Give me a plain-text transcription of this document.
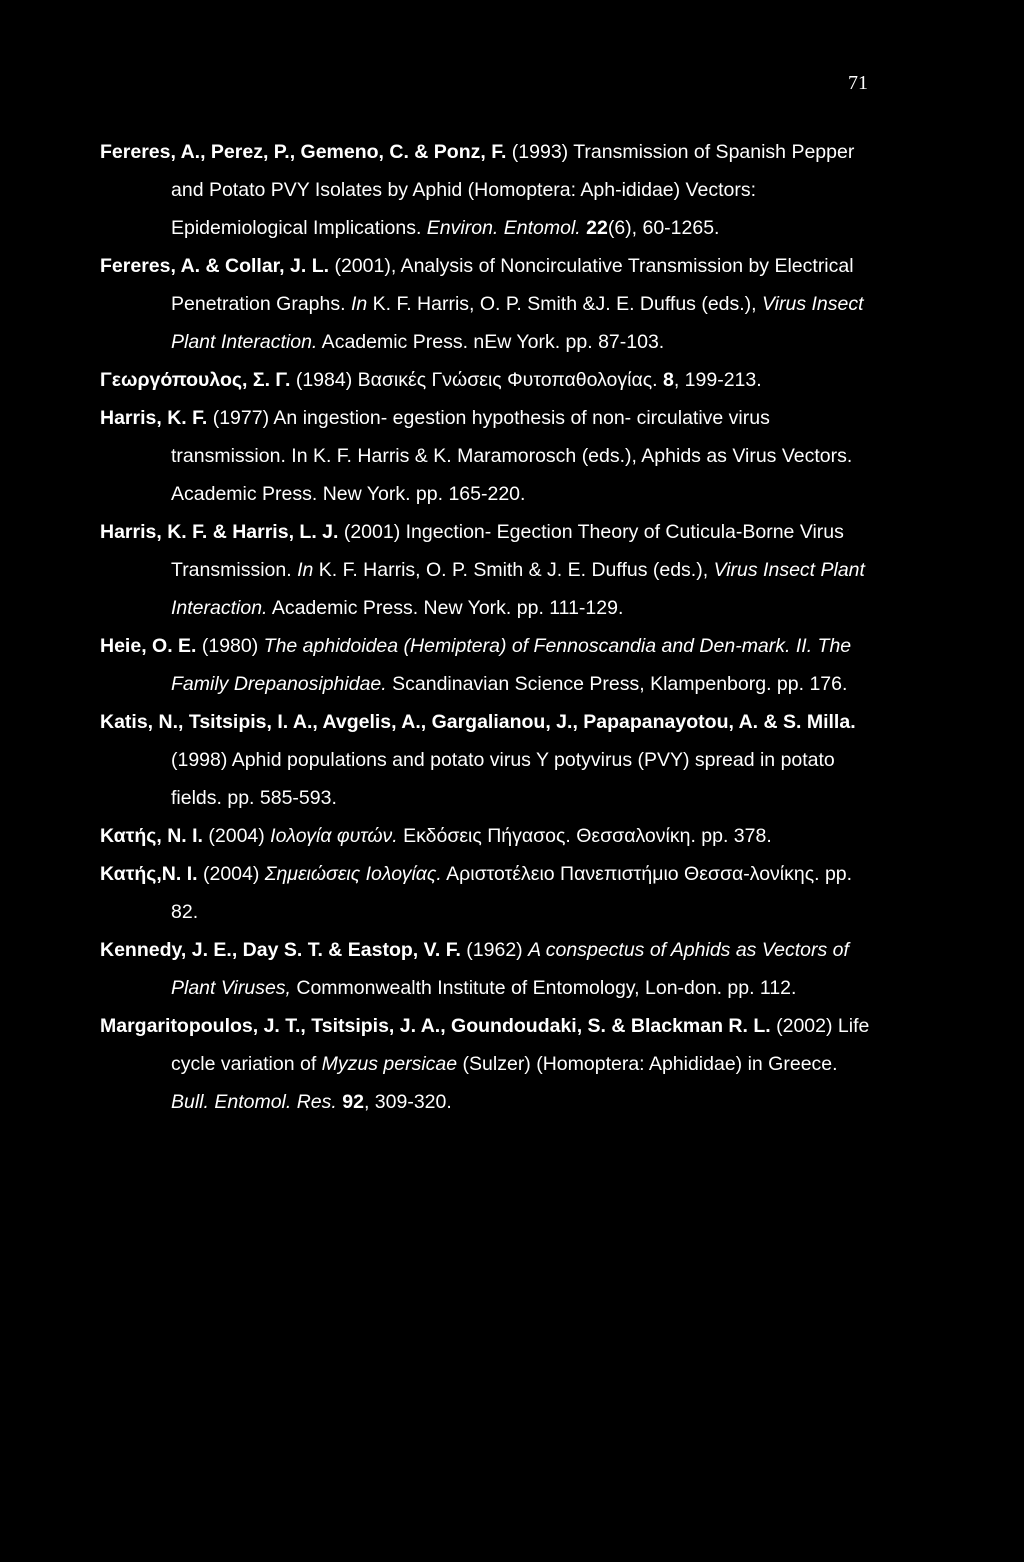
71
Fereres, A., Perez, P., Gemeno, C. & Ponz, F. (1993) Transmission of Spanish Pepper and Potato PVY Isolates by Aphid (Homoptera: Aph-ididae) Vectors: Epidemiological Implications. Environ. Entomol. 22(6), 60-1265.
Fereres, A. & Collar, J. L. (2001), Analysis of Noncirculative Transmission by Electrical Penetration Graphs. In K. F. Harris, O. P. Smith &J. E. Duffus (eds.), Virus Insect Plant Interaction. Academic Press. nEw York. pp. 87-103.
Γεωργόπουλος, Σ. Γ. (1984) Βασικές Γνώσεις Φυτοπαθολογίας. 8, 199-213.
Harris, K. F. (1977) An ingestion- egestion hypothesis of non- circulative virus transmission. In K. F. Harris & K. Maramorosch (eds.), Aphids as Virus Vectors. Academic Press. New York. pp. 165-220.
Harris, K. F. & Harris, L. J. (2001) Ingection- Egection Theory of Cuticula-Borne Virus Transmission. In K. F. Harris, O. P. Smith & J. E. Duffus (eds.), Virus Insect Plant Interaction. Academic Press. New York. pp. 111-129.
Heie, O. E. (1980) The aphidoidea (Hemiptera) of Fennoscandia and Den-mark. II. The Family Drepanosiphidae. Scandinavian Science Press, Klampenborg. pp. 176.
Katis, N., Tsitsipis, I. A., Avgelis, A., Gargalianou, J., Papapanayotou, A. & S. Milla. (1998) Aphid populations and potato virus Y potyvirus (PVY) spread in potato fields. pp. 585-593.
Κατής, Ν. Ι. (2004) Ιολογία φυτών. Εκδόσεις Πήγασος. Θεσσαλονίκη. pp. 378.
Κατής,Ν. Ι. (2004) Σημειώσεις Ιολογίας. Αριστοτέλειο Πανεπιστήμιο Θεσσα-λονίκης. pp. 82.
Kennedy, J. E., Day S. T. & Eastop, V. F. (1962) A conspectus of Aphids as Vectors of Plant Viruses, Commonwealth Institute of Entomology, Lon-don. pp. 112.
Margaritopoulos, J. T., Tsitsipis, J. A., Goundoudaki, S. & Blackman R. L. (2002) Life cycle variation of Myzus persicae (Sulzer) (Homoptera: Aphididae) in Greece. Bull. Entomol. Res. 92, 309-320.
